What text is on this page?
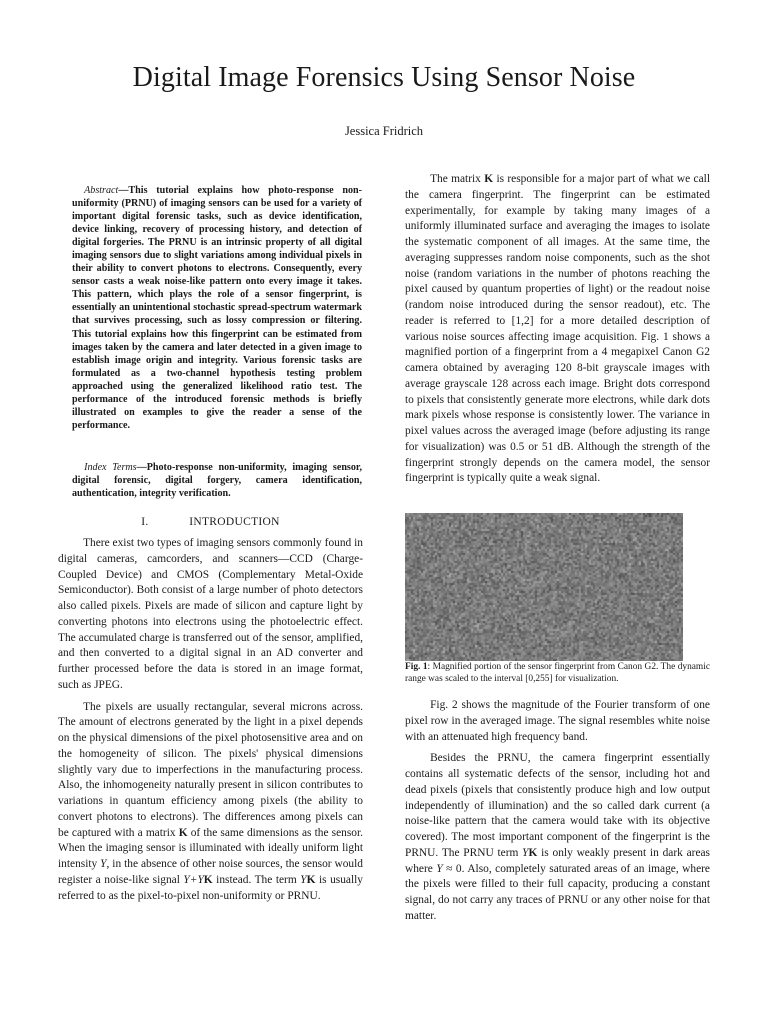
Digital Image Forensics Using Sensor Noise
Jessica Fridrich
Abstract—This tutorial explains how photo-response non-uniformity (PRNU) of imaging sensors can be used for a variety of important digital forensic tasks, such as device identification, device linking, recovery of processing history, and detection of digital forgeries. The PRNU is an intrinsic property of all digital imaging sensors due to slight variations among individual pixels in their ability to convert photons to electrons. Consequently, every sensor casts a weak noise-like pattern onto every image it takes. This pattern, which plays the role of a sensor fingerprint, is essentially an unintentional stochastic spread-spectrum watermark that survives processing, such as lossy compression or filtering. This tutorial explains how this fingerprint can be estimated from images taken by the camera and later detected in a given image to establish image origin and integrity. Various forensic tasks are formulated as a two-channel hypothesis testing problem approached using the generalized likelihood ratio test. The performance of the introduced forensic methods is briefly illustrated on examples to give the reader a sense of the performance.
Index Terms—Photo-response non-uniformity, imaging sensor, digital forensic, digital forgery, camera identification, authentication, integrity verification.
I.	INTRODUCTION

There exist two types of imaging sensors commonly found in digital cameras, camcorders, and scanners—CCD (Charge-Coupled Device) and CMOS (Complementary Metal-Oxide Semiconductor). Both consist of a large number of photo detectors also called pixels. Pixels are made of silicon and capture light by converting photons into electrons using the photoelectric effect. The accumulated charge is transferred out of the sensor, amplified, and then converted to a digital signal in an AD converter and further processed before the data is stored in an image format, such as JPEG.

The pixels are usually rectangular, several microns across. The amount of electrons generated by the light in a pixel depends on the physical dimensions of the pixel photosensitive area and on the homogeneity of silicon. The pixels' physical dimensions slightly vary due to imperfections in the manufacturing process. Also, the inhomogeneity naturally present in silicon contributes to variations in quantum efficiency among pixels (the ability to convert photons to electrons). The differences among pixels can be captured with a matrix K of the same dimensions as the sensor. When the imaging sensor is illuminated with ideally uniform light intensity Y, in the absence of other noise sources, the sensor would register a noise-like signal Y+YK instead. The term YK is usually referred to as the pixel-to-pixel non-uniformity or PRNU.

The matrix K is responsible for a major part of what we call the camera fingerprint. The fingerprint can be estimated experimentally, for example by taking many images of a uniformly illuminated surface and averaging the images to isolate the systematic component of all images. At the same time, the averaging suppresses random noise components, such as the shot noise (random variations in the number of photons reaching the pixel caused by quantum properties of light) or the readout noise (random noise introduced during the sensor readout), etc. The reader is referred to [1,2] for a more detailed description of various noise sources affecting image acquisition. Fig. 1 shows a magnified portion of a fingerprint from a 4 megapixel Canon G2 camera obtained by averaging 120 8-bit grayscale images with average grayscale 128 across each image. Bright dots correspond to pixels that consistently generate more electrons, while dark dots mark pixels whose response is consistently lower. The variance in pixel values across the averaged image (before adjusting its range for visualization) was 0.5 or 51 dB. Although the strength of the fingerprint strongly depends on the camera model, the sensor fingerprint is typically quite a weak signal.

Fig. 1: Magnified portion of the sensor fingerprint from Canon G2. The dynamic range was scaled to the interval [0,255] for visualization.

Fig. 2 shows the magnitude of the Fourier transform of one pixel row in the averaged image. The signal resembles white noise with an attenuated high frequency band.

Besides the PRNU, the camera fingerprint essentially contains all systematic defects of the sensor, including hot and dead pixels (pixels that consistently produce high and low output independently of illumination) and the so called dark current (a noise-like pattern that the camera would take with its objective covered). The most important component of the fingerprint is the PRNU. The PRNU term YK is only weakly present in dark areas where Y ≈ 0. Also, completely saturated areas of an image, where the pixels were filled to their full capacity, producing a constant signal, do not carry any traces of PRNU or any other noise for that matter.
